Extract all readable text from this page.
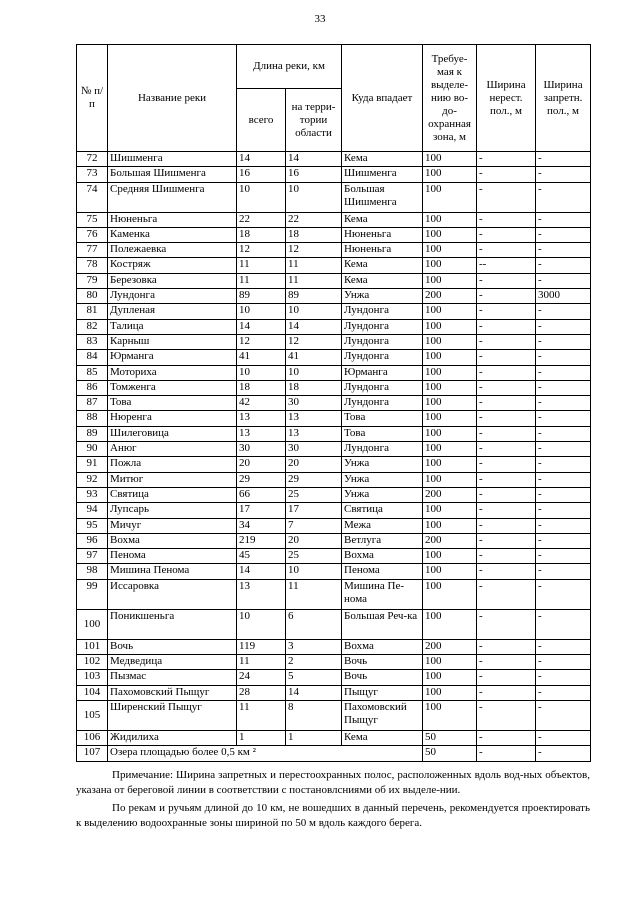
33
№ п/п	Название реки	Длина реки, км		Куда впадает	Требуе-мая к выделе-нию во-до-охранная зона, м	Ширина нерест. пол., м	Ширина запретн. пол., м
		всего	на терри-тории области				
72	Шишменга	14	14	Кема	100	-	-
73	Большая Шишменга	16	16	Шишменга	100	-	-
74	Средняя Шишменга	10	10	Большая Шишменга	100	-	-
75	Нюненьга	22	22	Кема	100	-	-
76	Каменка	18	18	Нюненьга	100	-	-
77	Полежаевка	12	12	Нюненьга	100	-	-
78	Костряж	11	11	Кема	100	--	-
79	Березовка	11	11	Кема	100	-	-
80	Лундонга	89	89	Унжа	200	-	3000
81	Дупленая	10	10	Лундонга	100	-	-
82	Талица	14	14	Лундонга	100	-	-
83	Карныш	12	12	Лундонга	100	-	-
84	Юрманга	41	41	Лундонга	100	-	-
85	Моториха	10	10	Юрманга	100	-	-
86	Томженга	18	18	Лундонга	100	-	-
87	Това	42	30	Лундонга	100	-	-
88	Нюренга	13	13	Това	100	-	-
89	Шилеговица	13	13	Това	100	-	-
90	Анюг	30	30	Лундонга	100	-	-
91	Пожла	20	20	Унжа	100	-	-
92	Митюг	29	29	Унжа	100	-	-
93	Святица	66	25	Унжа	200	-	-
94	Лупсарь	17	17	Святица	100	-	-
95	Мичуг	34	7	Межа	100	-	-
96	Вохма	219	20	Ветлуга	200	-	-
97	Пенома	45	25	Вохма	100	-	-
98	Мишина Пенома	14	10	Пенома	100	-	-
99	Иссаровка	13	11	Мишина Пе-нома	100	-	-
100	Поникшеньга	10	6	Большая Реч-ка	100	-	-
101	Вочь	119	3	Вохма	200	-	-
102	Медведица	11	2	Вочь	100	-	-
103	Пызмас	24	5	Вочь	100	-	-
104	Пахомовский Пыщуг	28	14	Пыщуг	100	-	-
105	Ширенский Пыщуг	11	8	Пахомовский Пыщуг	100	-	-
106	Жидилиха	1	1	Кема	50	-	-
107	Озера площадью более 0,5 км ²				50	-	-

Примечание: Ширина запретных и перестоохранных полос, расположенных вдоль вод-ных объектов, указана от береговой линии в соответствии с постановлсниями об их выделе-нии.

По рекам и ручьям длиной до 10 км, не вошедших в данный перечень, рекомендуется проектировать к выделению водоохранные зоны шириной по 50 м вдоль каждого берега.
